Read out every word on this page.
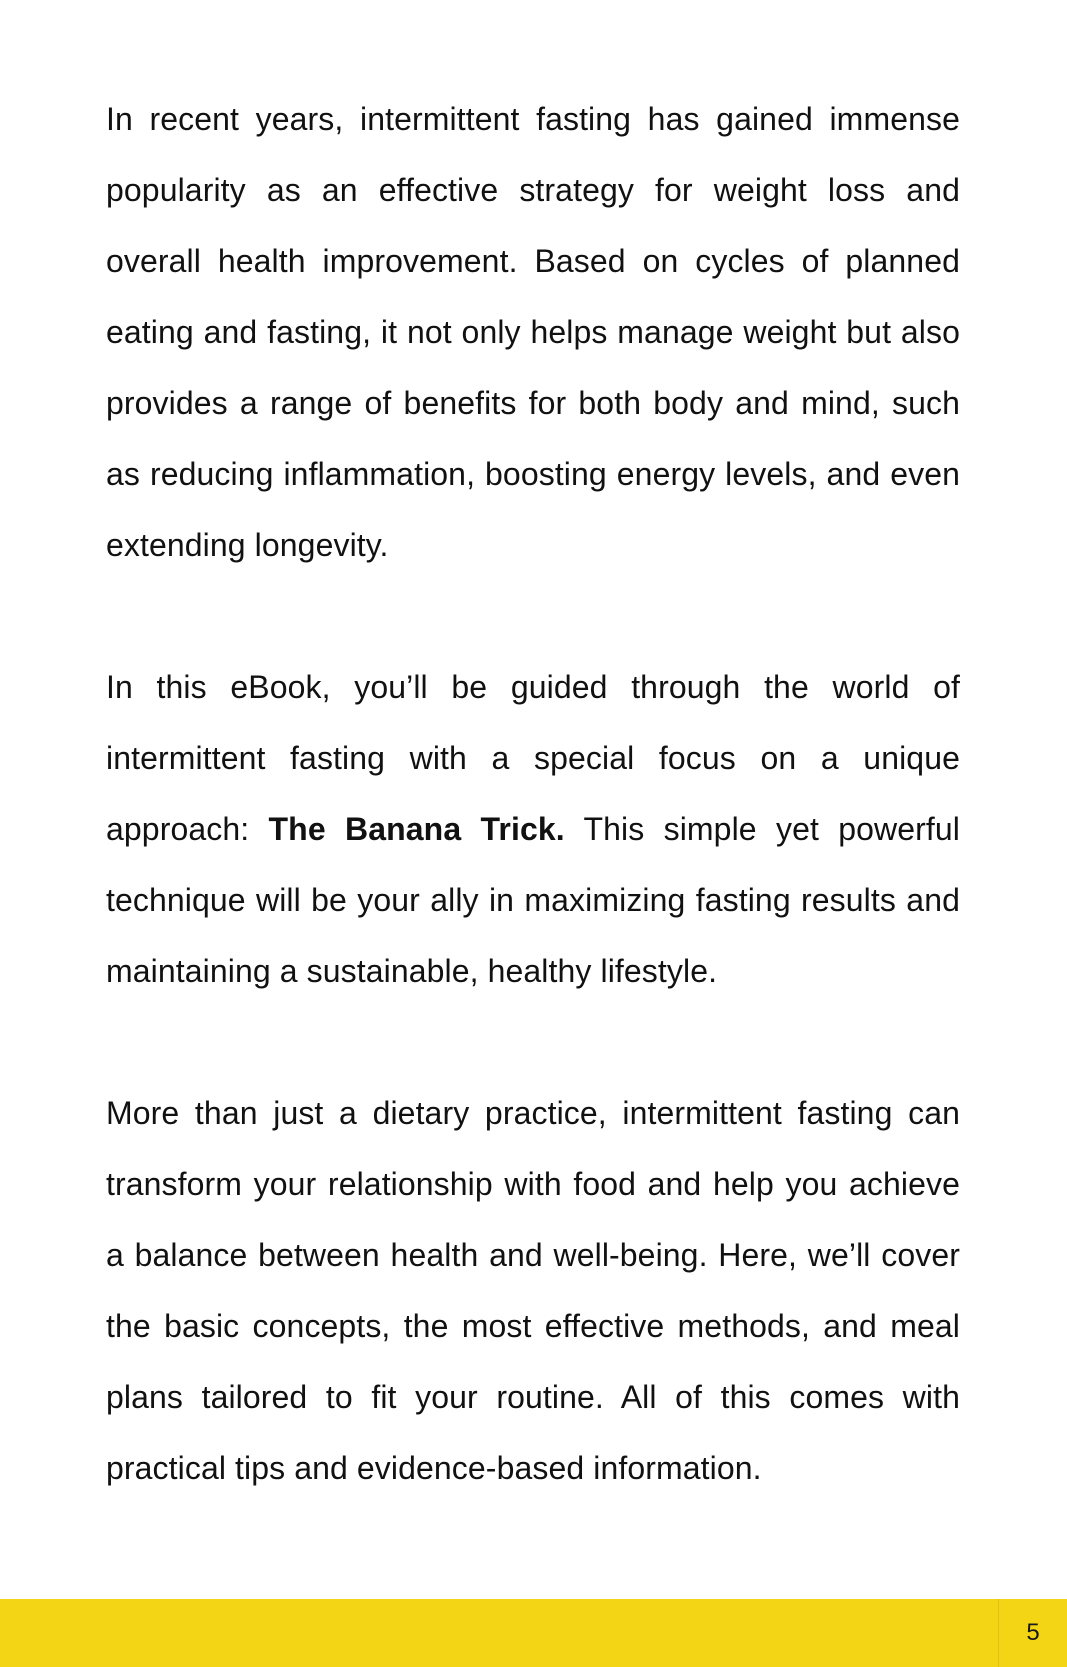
In recent years, intermittent fasting has gained immense popularity as an effective strategy for weight loss and overall health improvement. Based on cycles of planned eating and fasting, it not only helps manage weight but also provides a range of benefits for both body and mind, such as reducing inflammation, boosting energy levels, and even extending longevity.

In this eBook, you’ll be guided through the world of intermittent fasting with a special focus on a unique approach: The Banana Trick. This simple yet powerful technique will be your ally in maximizing fasting results and maintaining a sustainable, healthy lifestyle.

More than just a dietary practice, intermittent fasting can transform your relationship with food and help you achieve a balance between health and well-being. Here, we’ll cover the basic concepts, the most effective methods, and meal plans tailored to fit your routine. All of this comes with practical tips and evidence-based information.

5
